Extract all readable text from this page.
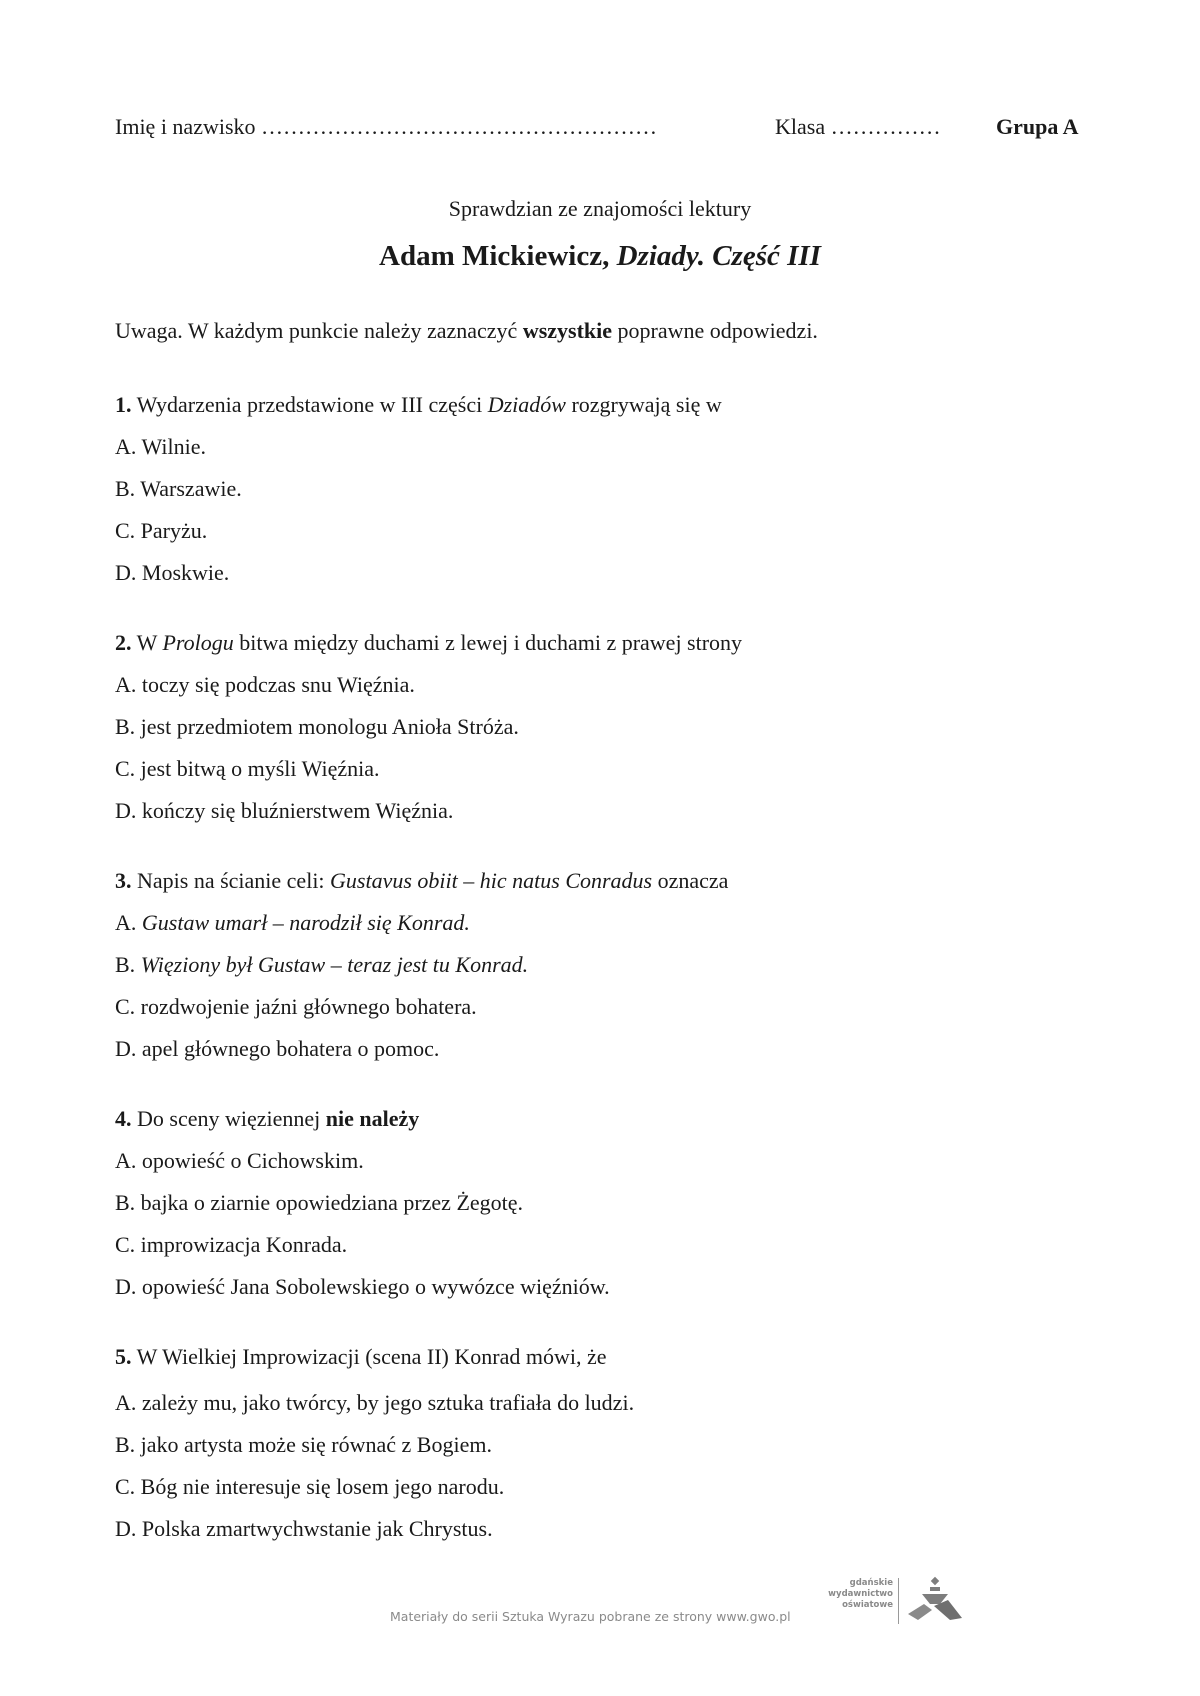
Imię i nazwisko ………………………………………………	Klasa ……………	Grupa A
Sprawdzian ze znajomości lektury
Adam Mickiewicz, Dziady. Część III
Uwaga. W każdym punkcie należy zaznaczyć wszystkie poprawne odpowiedzi.
1. Wydarzenia przedstawione w III części Dziadów rozgrywają się w
A. Wilnie.
B. Warszawie.
C. Paryżu.
D. Moskwie.
2. W Prologu bitwa między duchami z lewej i duchami z prawej strony
A. toczy się podczas snu Więźnia.
B. jest przedmiotem monologu Anioła Stróża.
C. jest bitwą o myśli Więźnia.
D. kończy się bluźnierstwem Więźnia.
3. Napis na ścianie celi: Gustavus obiit – hic natus Conradus oznacza
A. Gustaw umarł – narodził się Konrad.
B. Więziony był Gustaw – teraz jest tu Konrad.
C. rozdwojenie jaźni głównego bohatera.
D. apel głównego bohatera o pomoc.
4. Do sceny więziennej nie należy
A. opowieść o Cichowskim.
B. bajka o ziarnie opowiedziana przez Żegotę.
C. improwizacja Konrada.
D. opowieść Jana Sobolewskiego o wywózce więźniów.
5. W Wielkiej Improwizacji (scena II) Konrad mówi, że
A. zależy mu, jako twórcy, by jego sztuka trafiała do ludzi.
B. jako artysta może się równać z Bogiem.
C. Bóg nie interesuje się losem jego narodu.
D. Polska zmartwychwstanie jak Chrystus.
Materiały do serii Sztuka Wyrazu pobrane ze strony www.gwo.pl
gdańskie
wydawnictwo
oświatowe
